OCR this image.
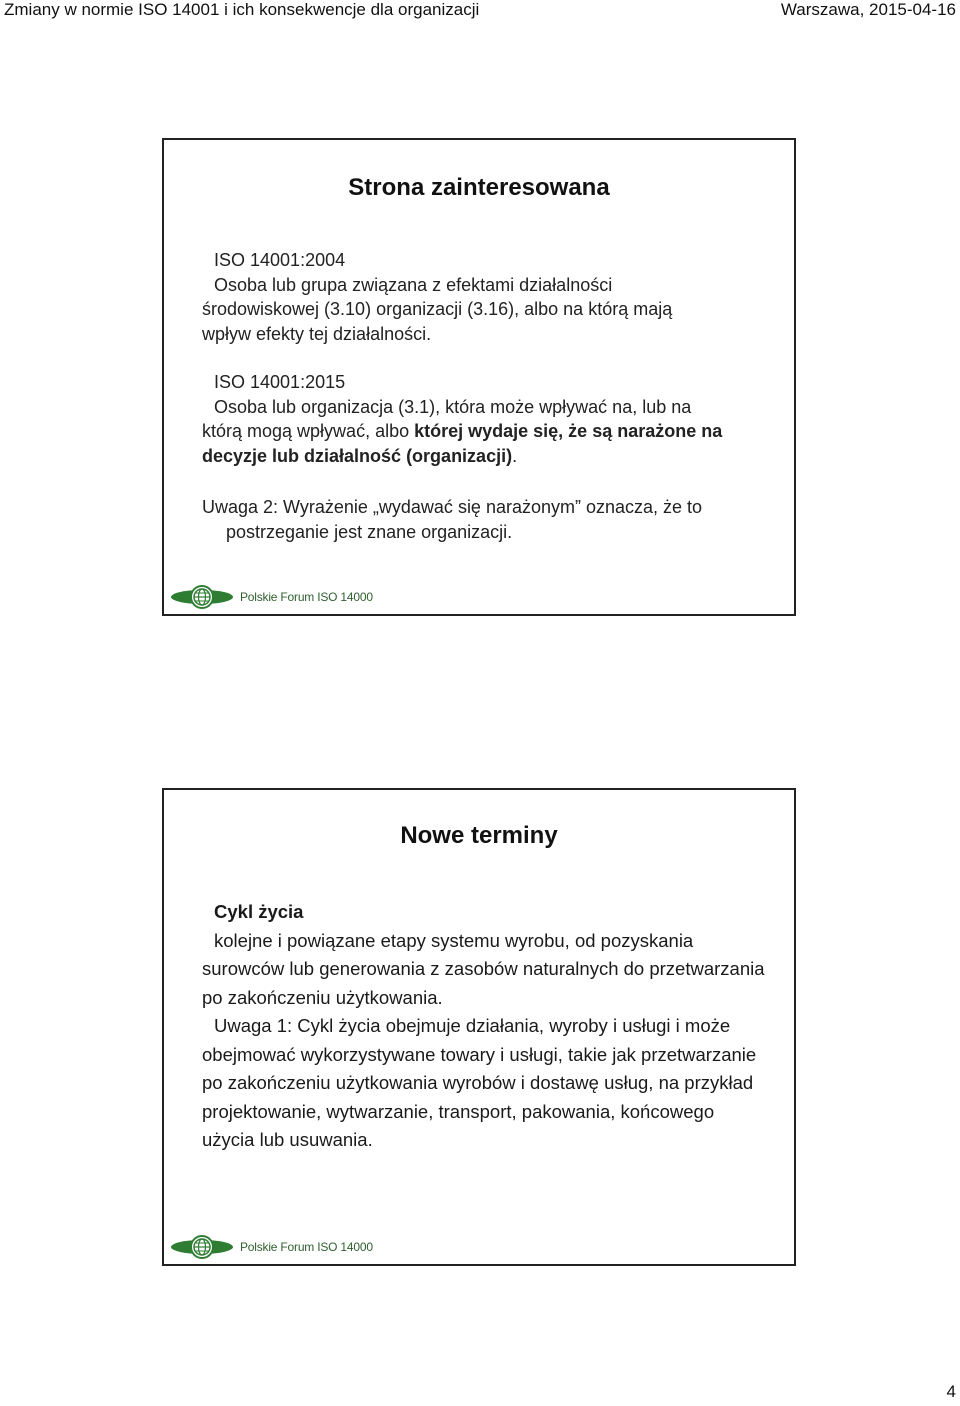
Zmiany w normie ISO 14001 i ich konsekwencje dla organizacji	Warszawa, 2015-04-16
Strona zainteresowana

ISO 14001:2004

Osoba lub grupa związana z efektami działalności

środowiskowej (3.10) organizacji (3.16), albo na którą mają

wpływ efekty tej działalności.

ISO 14001:2015

Osoba lub organizacja (3.1), która może wpływać na, lub na

którą mogą wpływać, albo której wydaje się, że są narażone na

decyzje lub działalność (organizacji).

Uwaga 2: Wyrażenie „wydawać się narażonym” oznacza, że to postrzeganie jest znane organizacji.

Polskie Forum ISO 14000
Nowe terminy

Cykl życia

kolejne i powiązane etapy systemu wyrobu, od pozyskania surowców lub generowania z zasobów naturalnych do przetwarzania po zakończeniu użytkowania.

Uwaga 1: Cykl życia obejmuje działania, wyroby i usługi i może obejmować wykorzystywane towary i usługi, takie jak przetwarzanie po zakończeniu użytkowania wyrobów i dostawę usług, na przykład projektowanie, wytwarzanie, transport, pakowania, końcowego użycia lub usuwania.

Polskie Forum ISO 14000
4
